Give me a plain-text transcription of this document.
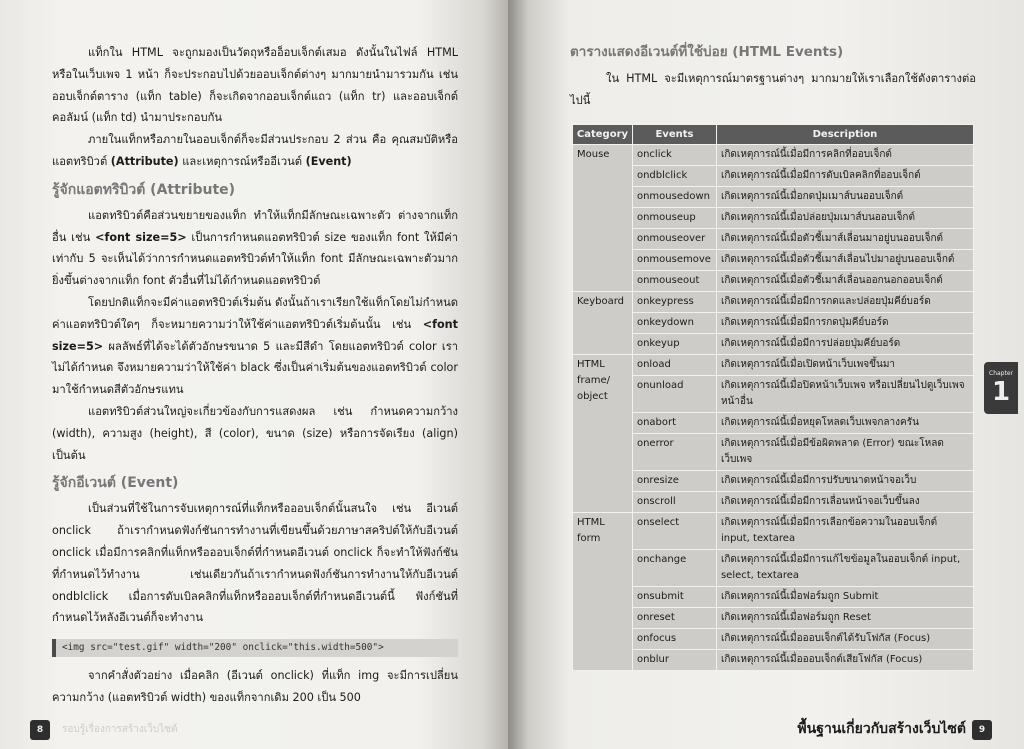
แท็กใน HTML จะถูกมองเป็นวัตถุหรืออ็อบเจ็กต์เสมอ ดังนั้นในไฟล์ HTML หรือในเว็บเพจ 1 หน้า ก็จะประกอบไปด้วยออบเจ็กต์ต่างๆ มากมายนำมารวมกัน เช่น ออบเจ็กต์ตาราง (แท็ก table) ก็จะเกิดจากออบเจ็กต์แถว (แท็ก tr) และออบเจ็กต์คอลัมน์ (แท็ก td) นำมาประกอบกัน

ภายในแท็กหรือภายในออบเจ็กต์ก็จะมีส่วนประกอบ 2 ส่วน คือ คุณสมบัติหรือแอตทริบิวต์ (Attribute) และเหตุการณ์หรืออีเวนต์ (Event)

รู้จักแอตทริบิวต์ (Attribute)

แอตทริบิวต์คือส่วนขยายของแท็ก ทำให้แท็กมีลักษณะเฉพาะตัว ต่างจากแท็กอื่น เช่น <font size=5> เป็นการกำหนดแอตทริบิวต์ size ของแท็ก font ให้มีค่าเท่ากับ 5 จะเห็นได้ว่าการกำหนดแอตทริบิวต์ทำให้แท็ก font มีลักษณะเฉพาะตัวมากยิ่งขึ้นต่างจากแท็ก font ตัวอื่นที่ไม่ได้กำหนดแอตทริบิวต์

โดยปกติแท็กจะมีค่าแอตทริบิวต์เริ่มต้น ดังนั้นถ้าเราเรียกใช้แท็กโดยไม่กำหนดค่าแอตทริบิวต์ใดๆ ก็จะหมายความว่าให้ใช้ค่าแอตทริบิวต์เริ่มต้นนั้น เช่น <font size=5> ผลลัพธ์ที่ได้จะได้ตัวอักษรขนาด 5 และมีสีดำ โดยแอตทริบิวต์ color เราไม่ได้กำหนด จึงหมายความว่าให้ใช้ค่า black ซึ่งเป็นค่าเริ่มต้นของแอตทริบิวต์ color มาใช้กำหนดสีตัวอักษรแทน

แอตทริบิวต์ส่วนใหญ่จะเกี่ยวข้องกับการแสดงผล เช่น กำหนดความกว้าง (width), ความสูง (height), สี (color), ขนาด (size) หรือการจัดเรียง (align) เป็นต้น

รู้จักอีเวนต์ (Event)

เป็นส่วนที่ใช้ในการจับเหตุการณ์ที่แท็กหรือออบเจ็กต์นั้นสนใจ เช่น อีเวนต์ onclick ถ้าเรากำหนดฟังก์ชันการทำงานที่เขียนขึ้นด้วยภาษาสคริปต์ให้กับอีเวนต์ onclick เมื่อมีการคลิกที่แท็กหรือออบเจ็กต์ที่กำหนดอีเวนต์ onclick ก็จะทำให้ฟังก์ชันที่กำหนดไว้ทำงาน เช่นเดียวกันถ้าเรากำหนดฟังก์ชันการทำงานให้กับอีเวนต์ ondblclick เมื่อการดับเบิลคลิกที่แท็กหรือออบเจ็กต์ที่กำหนดอีเวนต์นี้ ฟังก์ชันที่กำหนดไว้หลังอีเวนต์ก็จะทำงาน

<img src="test.gif" width="200" onclick="this.width=500">

จากคำสั่งตัวอย่าง เมื่อคลิก (อีเวนต์ onclick) ที่แท็ก img จะมีการเปลี่ยนความกว้าง (แอตทริบิวต์ width) ของแท็กจากเดิม 200 เป็น 500

8	รอบรู้เรื่องการสร้างเว็บไซต์
ตารางแสดงอีเวนต์ที่ใช้บ่อย (HTML Events)
ใน HTML จะมีเหตุการณ์มาตรฐานต่างๆ มากมายให้เราเลือกใช้ดังตารางต่อไปนี้
Category	Events	Description
Mouse	onclick	เกิดเหตุการณ์นี้เมื่อมีการคลิกที่ออบเจ็กต์
	ondblclick	เกิดเหตุการณ์นี้เมื่อมีการดับเบิลคลิกที่ออบเจ็กต์
	onmousedown	เกิดเหตุการณ์นี้เมื่อกดปุ่มเมาส์บนออบเจ็กต์
	onmouseup	เกิดเหตุการณ์นี้เมื่อปล่อยปุ่มเมาส์บนออบเจ็กต์
	onmouseover	เกิดเหตุการณ์นี้เมื่อตัวชี้เมาส์เลื่อนมาอยู่บนออบเจ็กต์
	onmousemove	เกิดเหตุการณ์นี้เมื่อตัวชี้เมาส์เลื่อนไปมาอยู่บนออบเจ็กต์
	onmouseout	เกิดเหตุการณ์นี้เมื่อตัวชี้เมาส์เลื่อนออกนอกออบเจ็กต์
Keyboard	onkeypress	เกิดเหตุการณ์นี้เมื่อมีการกดและปล่อยปุ่มคีย์บอร์ด
	onkeydown	เกิดเหตุการณ์นี้เมื่อมีการกดปุ่มคีย์บอร์ด
	onkeyup	เกิดเหตุการณ์นี้เมื่อมีการปล่อยปุ่มคีย์บอร์ด
HTML frame/ object	onload	เกิดเหตุการณ์นี้เมื่อเปิดหน้าเว็บเพจขึ้นมา
	onunload	เกิดเหตุการณ์นี้เมื่อปิดหน้าเว็บเพจ หรือเปลี่ยนไปดูเว็บเพจหน้าอื่น
	onabort	เกิดเหตุการณ์นี้เมื่อหยุดโหลดเว็บเพจกลางครัน
	onerror	เกิดเหตุการณ์นี้เมื่อมีข้อผิดพลาด (Error) ขณะโหลดเว็บเพจ
	onresize	เกิดเหตุการณ์นี้เมื่อมีการปรับขนาดหน้าจอเว็บ
	onscroll	เกิดเหตุการณ์นี้เมื่อมีการเลื่อนหน้าจอเว็บขึ้นลง
HTML form	onselect	เกิดเหตุการณ์นี้เมื่อมีการเลือกข้อความในออบเจ็กต์ input, textarea
	onchange	เกิดเหตุการณ์นี้เมื่อมีการแก้ไขข้อมูลในออบเจ็กต์ input, select, textarea
	onsubmit	เกิดเหตุการณ์นี้เมื่อฟอร์มถูก Submit
	onreset	เกิดเหตุการณ์นี้เมื่อฟอร์มถูก Reset
	onfocus	เกิดเหตุการณ์นี้เมื่อออบเจ็กต์ได้รับโฟกัส (Focus)
	onblur	เกิดเหตุการณ์นี้เมื่อออบเจ็กต์เสียโฟกัส (Focus)
Chapter
1
พื้นฐานเกี่ยวกับสร้างเว็บไซต์	9
